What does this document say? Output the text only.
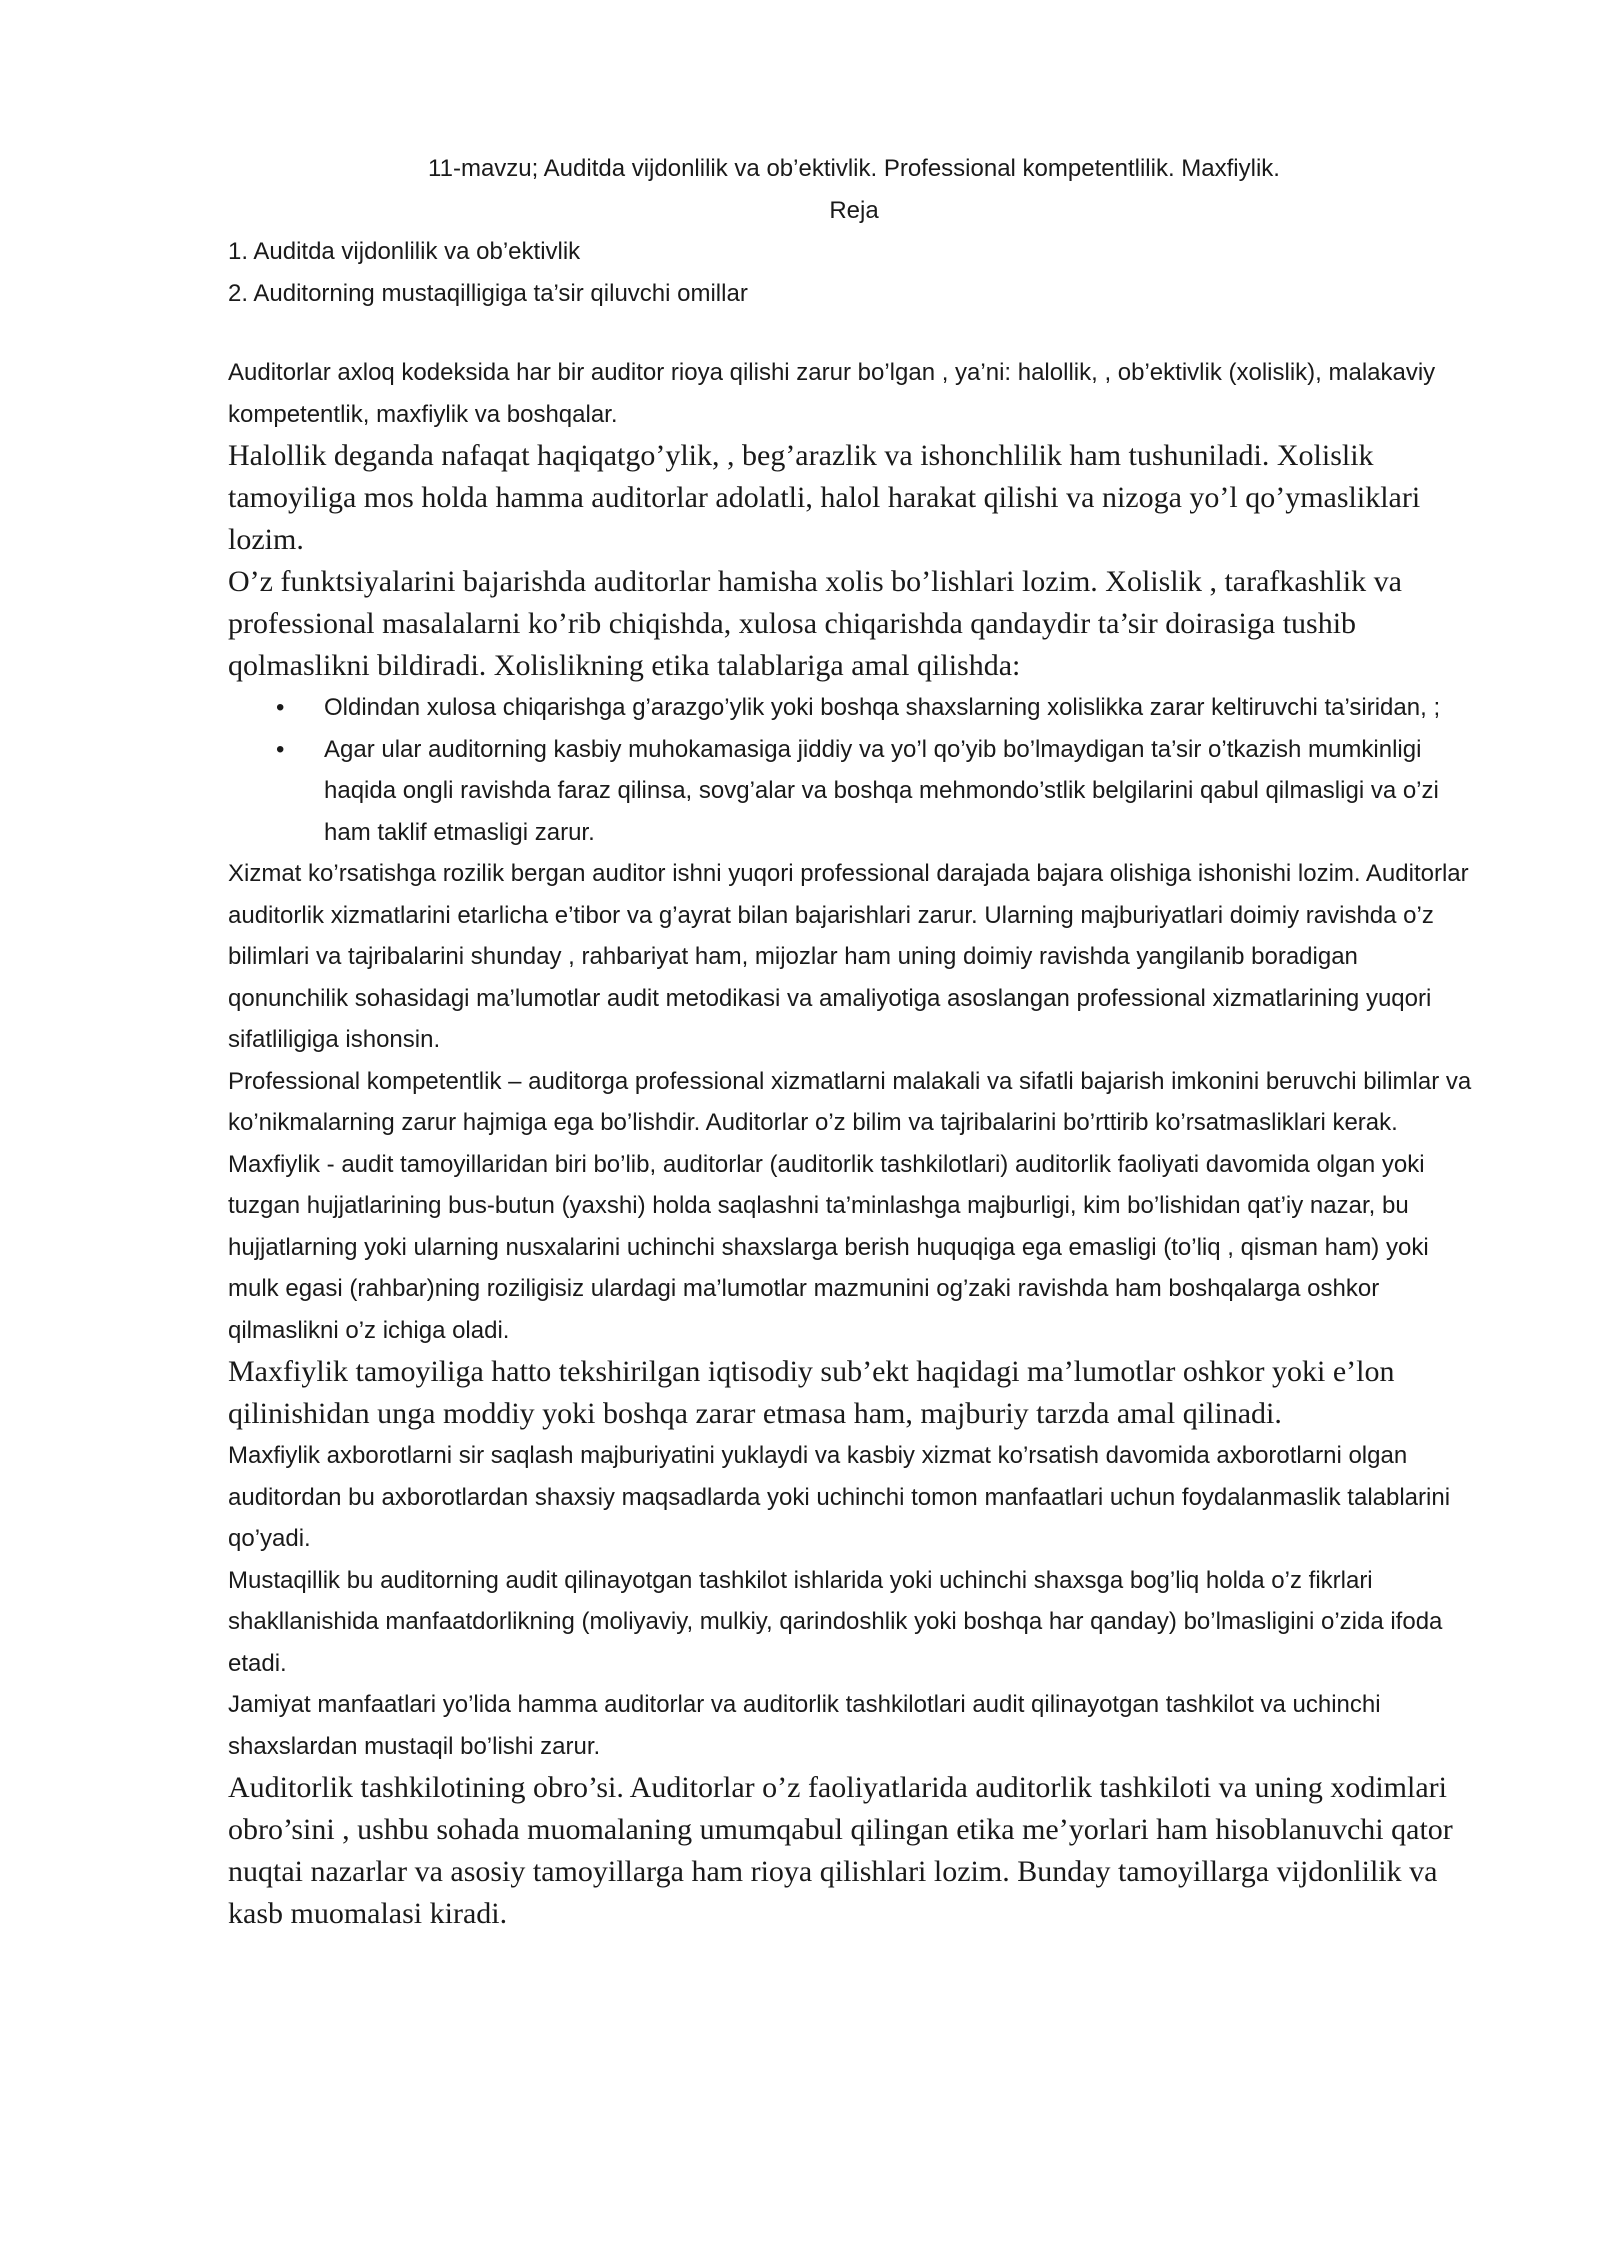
11-mavzu; Auditda vijdonlilik va ob’ektivlik. Professional kompetentlilik. Maxfiylik.

Reja

1. Auditda vijdonlilik va ob’ektivlik

2. Auditorning mustaqilligiga ta’sir qiluvchi omillar

Auditorlar axloq kodeksida har bir auditor rioya qilishi zarur bo’lgan , ya’ni: halollik, , ob’ektivlik (xolislik), malakaviy kompetentlik, maxfiylik va boshqalar.

Halollik deganda nafaqat haqiqatgo’ylik, , beg’arazlik va ishonchlilik ham tushuniladi. Xolislik tamoyiliga mos holda hamma auditorlar adolatli, halol harakat qilishi va nizoga yo’l qo’ymasliklari lozim.

O’z funktsiyalarini bajarishda auditorlar hamisha xolis bo’lishlari lozim. Xolislik , tarafkashlik va professional masalalarni ko’rib chiqishda, xulosa chiqarishda qandaydir ta’sir doirasiga tushib qolmaslikni bildiradi. Xolislikning etika talablariga amal qilishda:

• Oldindan xulosa chiqarishga g’arazgo’ylik yoki boshqa shaxslarning xolislikka zarar keltiruvchi ta’siridan, ;
• Agar ular auditorning kasbiy muhokamasiga jiddiy va yo’l qo’yib bo’lmaydigan ta’sir o’tkazish mumkinligi haqida ongli ravishda faraz qilinsa, sovg’alar va boshqa mehmondo’stlik belgilarini qabul qilmasligi va o’zi ham taklif etmasligi zarur.

Xizmat ko’rsatishga rozilik bergan auditor ishni yuqori professional darajada bajara olishiga ishonishi lozim. Auditorlar auditorlik xizmatlarini etarlicha e’tibor va g’ayrat bilan bajarishlari zarur. Ularning majburiyatlari doimiy ravishda o’z bilimlari va tajribalarini shunday , rahbariyat ham, mijozlar ham uning doimiy ravishda yangilanib boradigan qonunchilik sohasidagi ma’lumotlar audit metodikasi va amaliyotiga asoslangan professional xizmatlarining yuqori sifatliligiga ishonsin.

Professional kompetentlik – auditorga professional xizmatlarni malakali va sifatli bajarish imkonini beruvchi bilimlar va ko’nikmalarning zarur hajmiga ega bo’lishdir. Auditorlar o’z bilim va tajribalarini bo’rttirib ko’rsatmasliklari kerak. Maxfiylik - audit tamoyillaridan biri bo’lib, auditorlar (auditorlik tashkilotlari) auditorlik faoliyati davomida olgan yoki tuzgan hujjatlarining bus-butun (yaxshi) holda saqlashni ta’minlashga majburligi, kim bo’lishidan qat’iy nazar, bu hujjatlarning yoki ularning nusxalarini uchinchi shaxslarga berish huquqiga ega emasligi (to’liq , qisman ham) yoki mulk egasi (rahbar)ning roziligisiz ulardagi ma’lumotlar mazmunini og’zaki ravishda ham boshqalarga oshkor qilmaslikni o’z ichiga oladi.

Maxfiylik tamoyiliga hatto tekshirilgan iqtisodiy sub’ekt haqidagi ma’lumotlar oshkor yoki e’lon qilinishidan unga moddiy yoki boshqa zarar etmasa ham, majburiy tarzda amal qilinadi.

Maxfiylik axborotlarni sir saqlash majburiyatini yuklaydi va kasbiy xizmat ko’rsatish davomida axborotlarni olgan auditordan bu axborotlardan shaxsiy maqsadlarda yoki uchinchi tomon manfaatlari uchun foydalanmaslik talablarini qo’yadi.

Mustaqillik bu auditorning audit qilinayotgan tashkilot ishlarida yoki uchinchi shaxsga bog’liq holda o’z fikrlari shakllanishida manfaatdorlikning (moliyaviy, mulkiy, qarindoshlik yoki boshqa har qanday) bo’lmasligini o’zida ifoda etadi.

Jamiyat manfaatlari yo’lida hamma auditorlar va auditorlik tashkilotlari audit qilinayotgan tashkilot va uchinchi shaxslardan mustaqil bo’lishi zarur.

Auditorlik tashkilotining obro’si. Auditorlar o’z faoliyatlarida auditorlik tashkiloti va uning xodimlari obro’sini , ushbu sohada muomalaning umumqabul qilingan etika me’yorlari ham hisoblanuvchi qator nuqtai nazarlar va asosiy tamoyillarga ham rioya qilishlari lozim. Bunday tamoyillarga vijdonlilik va kasb muomalasi kiradi.
